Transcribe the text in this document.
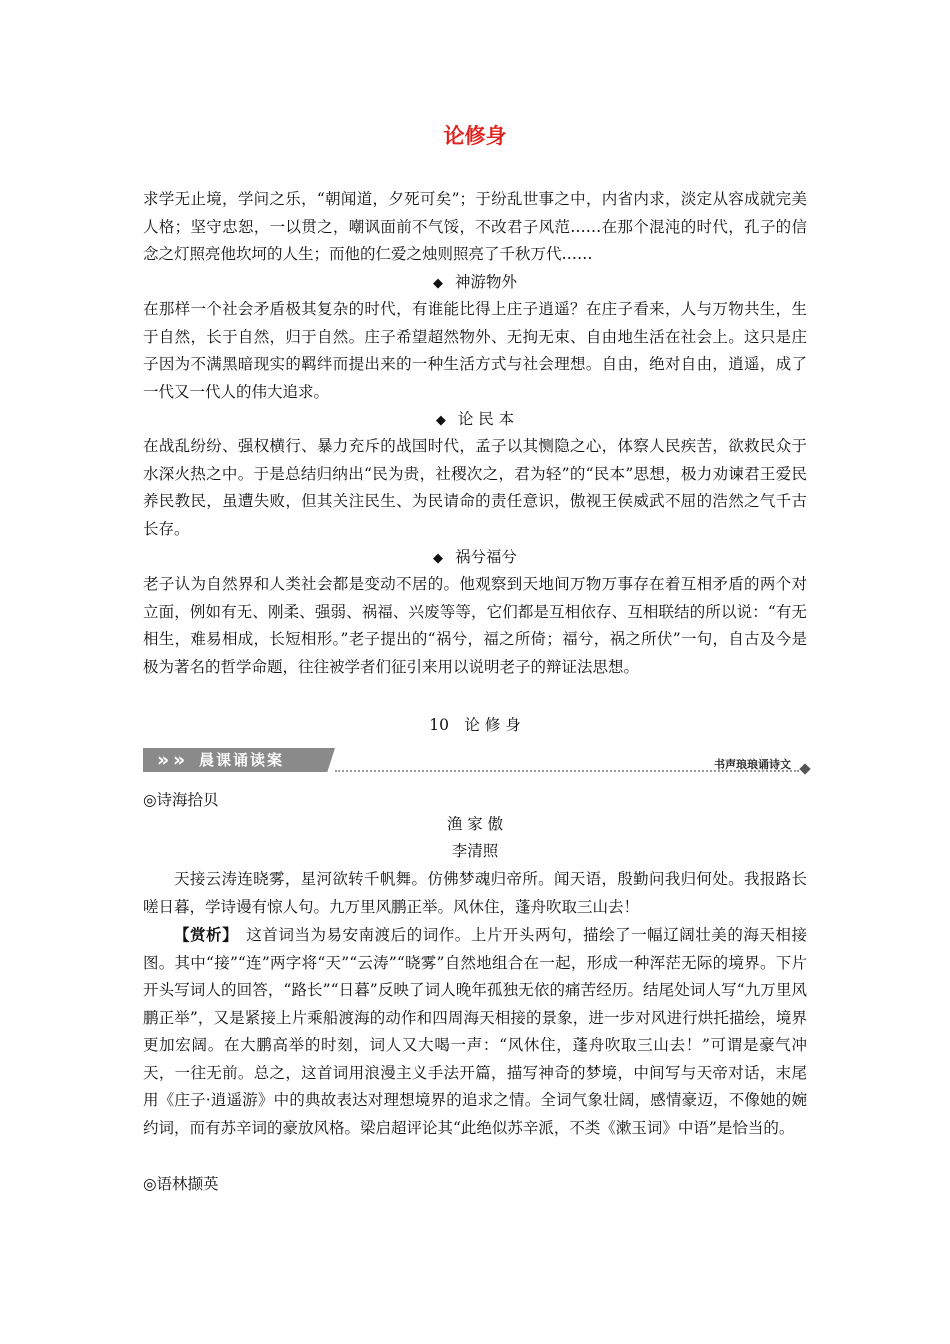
论修身

求学无止境，学问之乐，“朝闻道，夕死可矣”；于纷乱世事之中，内省内求，淡定从容成就完美人格；坚守忠恕，一以贯之，嘲讽面前不气馁，不改君子风范……在那个混沌的时代，孔子的信念之灯照亮他坎坷的人生；而他的仁爱之烛则照亮了千秋万代……

◆ 神游物外

在那样一个社会矛盾极其复杂的时代，有谁能比得上庄子逍遥？在庄子看来，人与万物共生，生于自然，长于自然，归于自然。庄子希望超然物外、无拘无束、自由地生活在社会上。这只是庄子因为不满黑暗现实的羁绊而提出来的一种生活方式与社会理想。自由，绝对自由，逍遥，成了一代又一代人的伟大追求。

◆ 论 民 本

在战乱纷纷、强权横行、暴力充斥的战国时代，孟子以其恻隐之心，体察人民疾苦，欲救民众于水深火热之中。于是总结归纳出“民为贵，社稷次之，君为轻”的“民本”思想，极力劝谏君王爱民养民教民，虽遭失败，但其关注民生、为民请命的责任意识，傲视王侯威武不屈的浩然之气千古长存。

◆ 祸兮福兮

老子认为自然界和人类社会都是变动不居的。他观察到天地间万物万事存在着互相矛盾的两个对立面，例如有无、刚柔、强弱、祸福、兴废等等，它们都是互相依存、互相联结的所以说：“有无相生，难易相成，长短相形。”老子提出的“祸兮，福之所倚；福兮，祸之所伏”一句，自古及今是极为著名的哲学命题，往往被学者们征引来用以说明老子的辩证法思想。

10　论 修 身
» » 晨课诵读案	书声琅琅诵诗文
◎诗海拾贝
渔 家 傲
李清照

天接云涛连晓雾，星河欲转千帆舞。仿佛梦魂归帝所。闻天语，殷勤问我归何处。我报路长嗟日暮，学诗谩有惊人句。九万里风鹏正举。风休住，蓬舟吹取三山去！

【赏析】　 这首词当为易安南渡后的词作。上片开头两句，描绘了一幅辽阔壮美的海天相接图。其中“接”“连”两字将“天”“云涛”“晓雾”自然地组合在一起，形成一种浑茫无际的境界。下片开头写词人的回答，“路长”“日暮”反映了词人晚年孤独无依的痛苦经历。结尾处词人写“九万里风鹏正举”，又是紧接上片乘船渡海的动作和四周海天相接的景象，进一步对风进行烘托描绘，境界更加宏阔。在大鹏高举的时刻，词人又大喝一声：“风休住，蓬舟吹取三山去！”可谓是豪气冲天，一往无前。总之，这首词用浪漫主义手法开篇，描写神奇的梦境，中间写与天帝对话，末尾用《庄子·逍遥游》中的典故表达对理想境界的追求之情。全词气象壮阔，感情豪迈，不像她的婉约词，而有苏辛词的豪放风格。梁启超评论其“此绝似苏辛派，不类《漱玉词》中语”是恰当的。

◎语林撷英
